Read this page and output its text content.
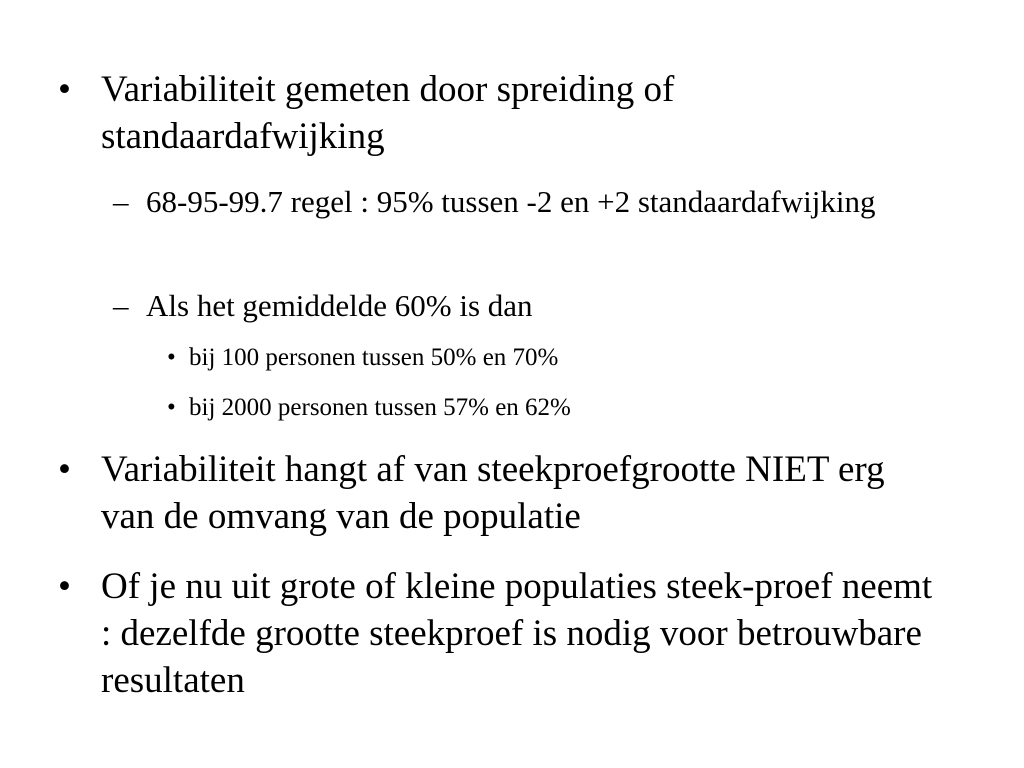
• Variabiliteit gemeten door spreiding of standaardafwijking

– 68-95-99.7 regel : 95% tussen -2 en +2 standaardafwijking

– Als het gemiddelde 60% is dan

• bij 100 personen tussen 50% en 70%

• bij 2000 personen tussen 57% en 62%

• Variabiliteit hangt af van steekproefgrootte NIET erg van de omvang van de populatie

• Of je nu uit grote of kleine populaties steek-proef neemt : dezelfde grootte steekproef is nodig voor betrouwbare resultaten
